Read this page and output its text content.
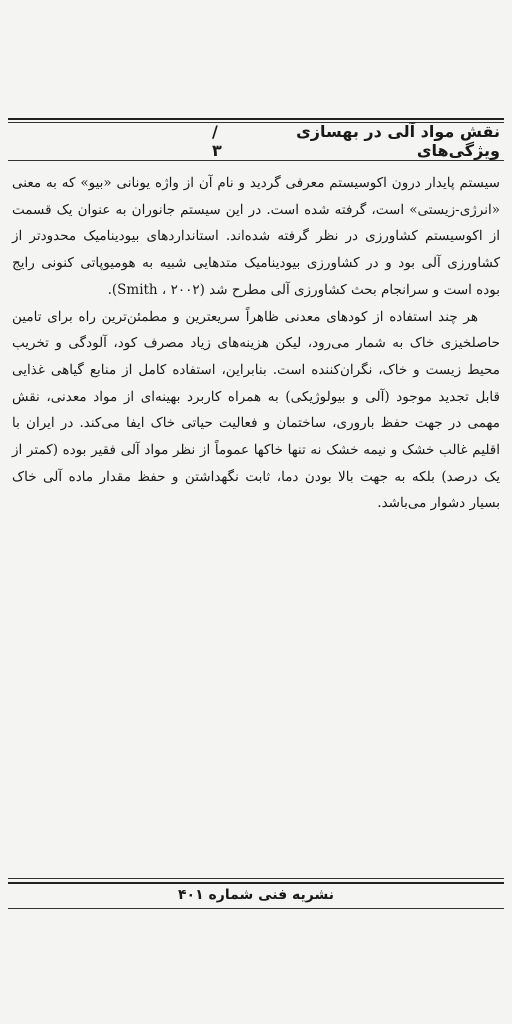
نقش مواد آلی در بهسازی ویژگی‌های
/۳

سیستم پایدار درون اکوسیستم معرفی گردید و نام آن از واژه یونانی «بیو» که به معنی «انرژی-زیستی» است، گرفته شده است. در این سیستم جانوران به عنوان یک قسمت از اکوسیستم کشاورزی در نظر گرفته شده‌اند. استانداردهای بیودینامیک محدودتر از کشاورزی آلی بود و در کشاورزی بیودینامیک متدهایی شبیه به هومیوپاتی کنونی رایج بوده است و سرانجام بحث کشاورزی آلی مطرح شد (Smith ، ۲۰۰۲).

هر چند استفاده از کودهای معدنی ظاهراً سریعترین و مطمئن‌ترین راه برای تامین حاصلخیزی خاک به شمار می‌رود، لیکن هزینه‌های زیاد مصرف کود، آلودگی و تخریب محیط زیست و خاک، نگران‌کننده است. بنابراین، استفاده کامل از منابع گیاهی غذایی قابل تجدید موجود (آلی و بیولوژیکی) به همراه کاربرد بهینه‌ای از مواد معدنی، نقش مهمی در جهت حفظ باروری، ساختمان و فعالیت حیاتی خاک ایفا می‌کند. در ایران با اقلیم غالب خشک و نیمه خشک نه تنها خاکها عموماً از نظر مواد آلی فقیر بوده (کمتر از یک درصد) بلکه به جهت بالا بودن دما، ثابت نگهداشتن و حفظ مقدار ماده آلی خاک بسیار دشوار می‌باشد.

نشریه فنی شماره ۴۰۱
